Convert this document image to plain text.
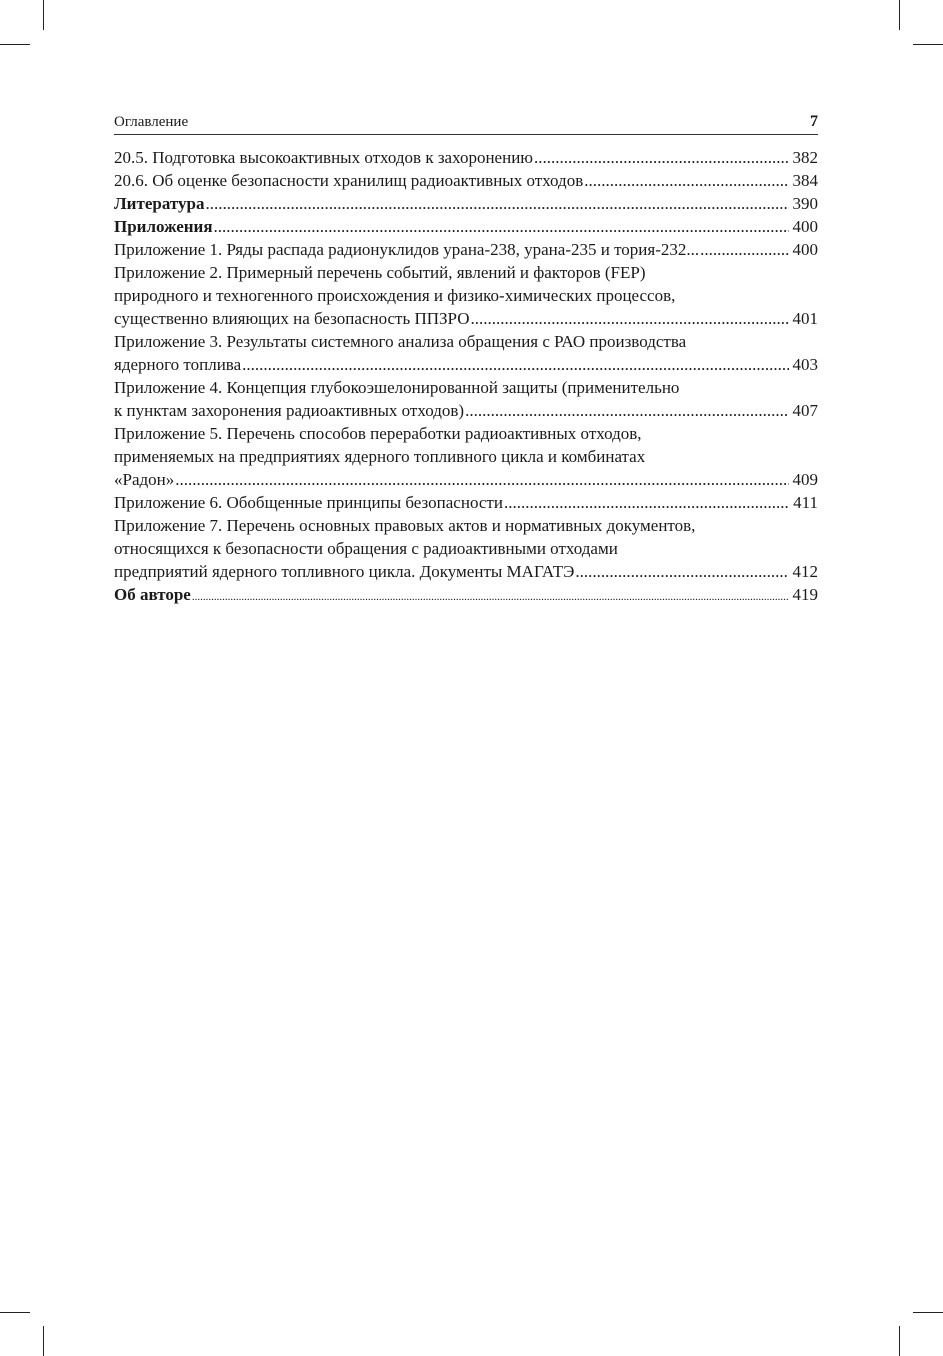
Оглавление	7
20.5. Подготовка высокоактивных отходов к захоронению .....	382
20.6. Об оценке безопасности хранилищ радиоактивных отходов .....	384
Литература .....	390
Приложения .....	400
Приложение 1. Ряды распада радионуклидов урана-238, урана-235 и тория-232... .....	400
Приложение 2. Примерный перечень событий, явлений и факторов (FEP)
природного и техногенного происхождения и физико-химических процессов,
существенно влияющих на безопасность ППЗРО .....	401
Приложение 3. Результаты системного анализа обращения с РАО производства
ядерного топлива .....	403
Приложение 4. Концепция глубокоэшелонированной защиты (применительно
к пунктам захоронения радиоактивных отходов) .....	407
Приложение 5. Перечень способов переработки радиоактивных отходов,
применяемых на предприятиях ядерного топливного цикла и комбинатах
«Радон» .....	409
Приложение 6. Обобщенные принципы безопасности .....	411
Приложение 7. Перечень основных правовых актов и нормативных документов,
относящихся к безопасности обращения с радиоактивными отходами
предприятий ядерного топливного цикла. Документы МАГАТЭ .....	412
Об авторе .....	419
